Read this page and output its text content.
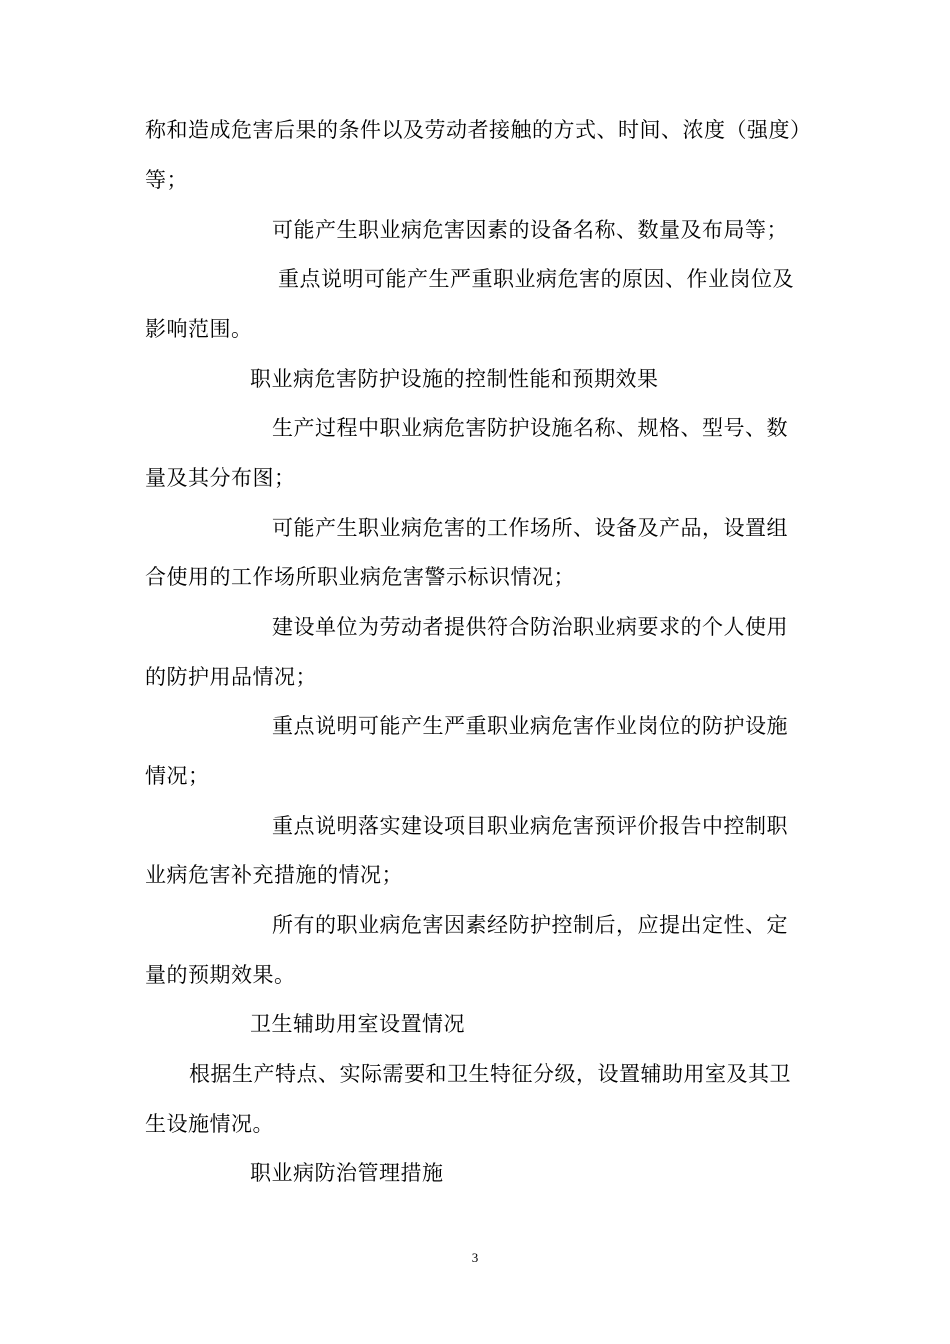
称和造成危害后果的条件以及劳动者接触的方式、时间、浓度（强度）
等；
可能产生职业病危害因素的设备名称、数量及布局等；
重点说明可能产生严重职业病危害的原因、作业岗位及
影响范围。
职业病危害防护设施的控制性能和预期效果
生产过程中职业病危害防护设施名称、规格、型号、数
量及其分布图；
可能产生职业病危害的工作场所、设备及产品，设置组
合使用的工作场所职业病危害警示标识情况；
建设单位为劳动者提供符合防治职业病要求的个人使用
的防护用品情况；
重点说明可能产生严重职业病危害作业岗位的防护设施
情况；
重点说明落实建设项目职业病危害预评价报告中控制职
业病危害补充措施的情况；
所有的职业病危害因素经防护控制后，应提出定性、定
量的预期效果。
卫生辅助用室设置情况
根据生产特点、实际需要和卫生特征分级，设置辅助用室及其卫
生设施情况。
职业病防治管理措施
3
